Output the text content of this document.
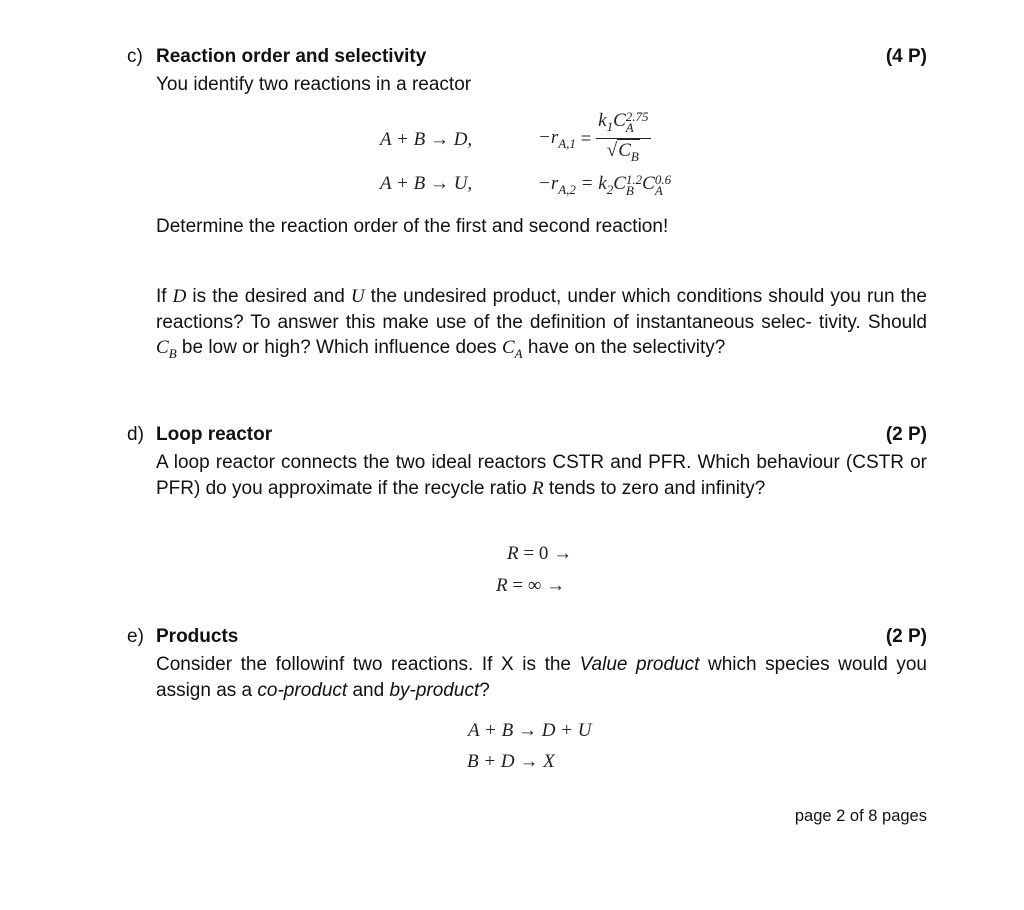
c) Reaction order and selectivity	(4 P)
You identify two reactions in a reactor
A + B → D,	$-r_{A,1} = k_1C$ 2.75
A
$√C_B$
A + B → U,	$-r_{A,2} = k_2C$ 1.2
B C 0.6
A
Determine the reaction order of the first and second reaction!
If D is the desired and U the undesired product, under which conditions should you run the reactions? To answer this make use of the definition of instantaneous selec- tivity. Should $C_B$ be low or high? Which influence does $C_A$ have on the selectivity?
d) Loop reactor	(2 P)
A loop reactor connects the two ideal reactors CSTR and PFR. Which behaviour (CSTR or PFR) do you approximate if the recycle ratio R tends to zero and infinity?
R = 0 →
R = ∞ →
e) Products	(2 P)
Consider the followinf two reactions. If X is the Value product which species would you assign as a co-product and by-product?
A + B → D + U
B + D → X
page 2 of 8 pages
